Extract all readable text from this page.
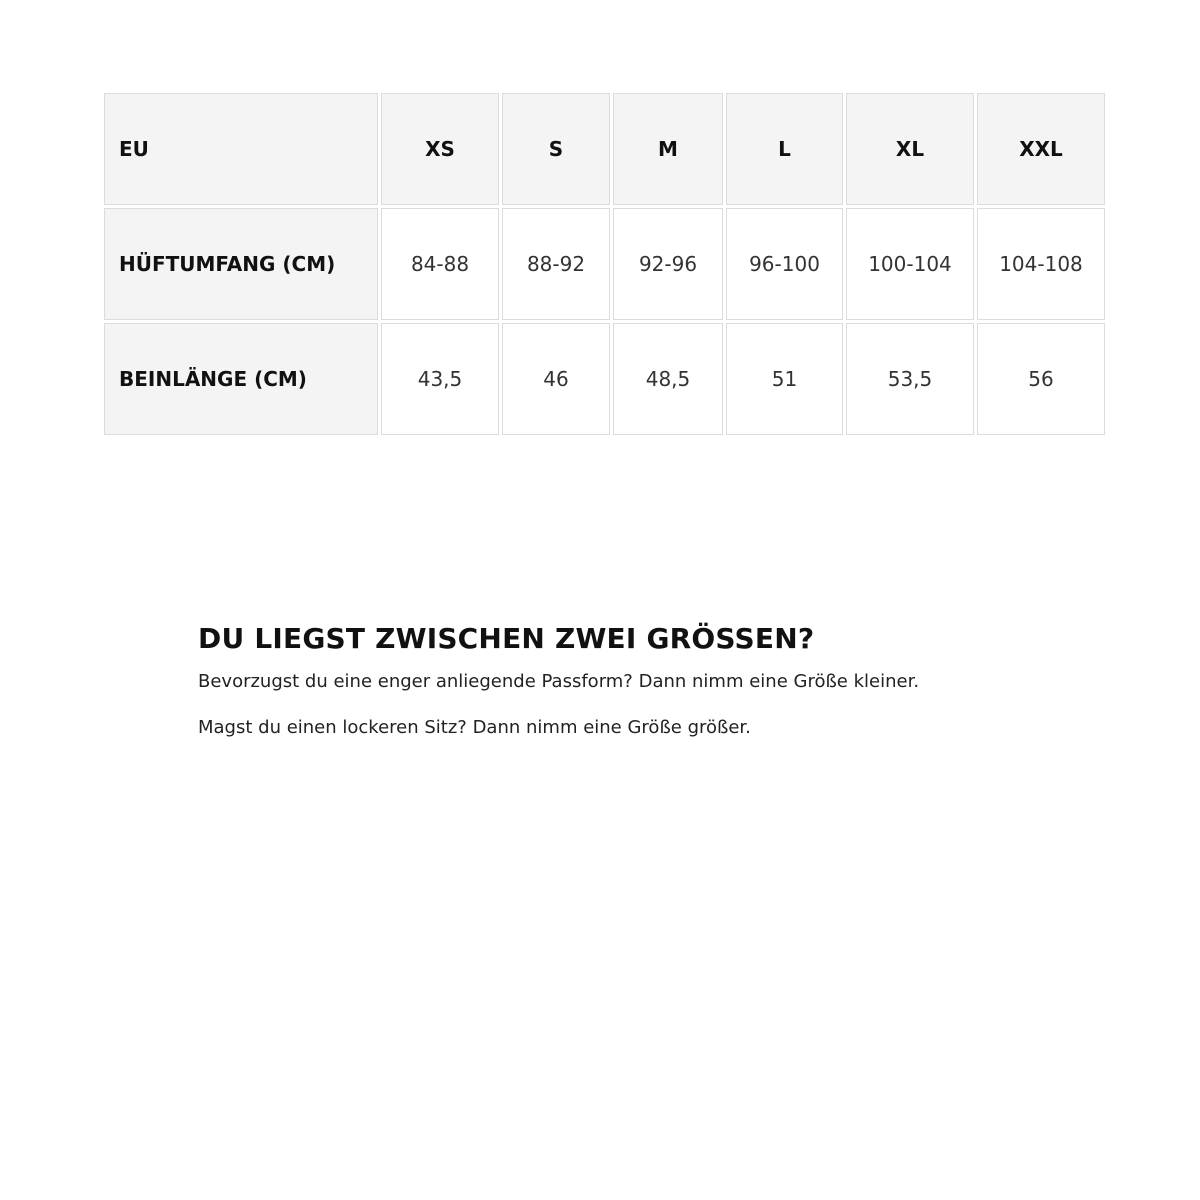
EU	XS	S	M	L	XL	XXL
HÜFTUMFANG (CM)	84-88	88-92	92-96	96-100	100-104	104-108
BEINLÄNGE (CM)	43,5	46	48,5	51	53,5	56
DU LIEGST ZWISCHEN ZWEI GRÖSSEN?

Bevorzugst du eine enger anliegende Passform? Dann nimm eine Größe kleiner.

Magst du einen lockeren Sitz? Dann nimm eine Größe größer.
